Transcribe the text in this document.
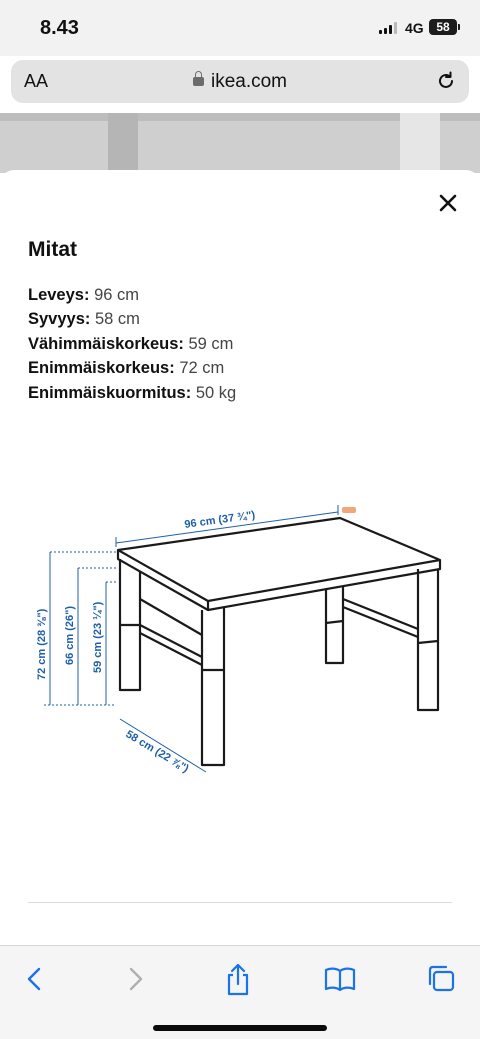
8.43	4G	58
AA	ikea.com
Mitat
Leveys: 96 cm
Syvyys: 58 cm
Vähimmäiskorkeus: 59 cm
Enimmäiskorkeus: 72 cm
Enimmäiskuormitus: 50 kg
96 cm (37 ¾")
72 cm (28 ⅜") 66 cm (26") 59 cm (23 ¼")
58 cm (22 ⅞")
